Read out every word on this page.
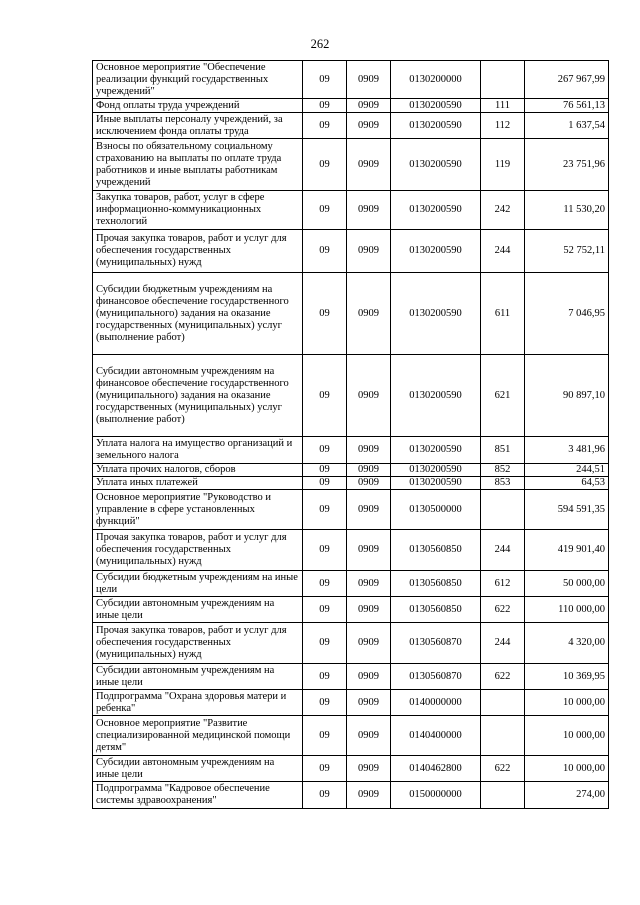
262
Основное мероприятие "Обеспечение реализации функций государственных учреждений"	09	0909	0130200000		267 967,99
Фонд оплаты труда учреждений	09	0909	0130200590	111	76 561,13
Иные выплаты персоналу учреждений, за исключением фонда оплаты труда	09	0909	0130200590	112	1 637,54
Взносы по обязательному социальному страхованию на выплаты по оплате труда работников и иные выплаты работникам учреждений	09	0909	0130200590	119	23 751,96
Закупка товаров, работ, услуг в сфере информационно-коммуникационных технологий	09	0909	0130200590	242	11 530,20
Прочая закупка товаров, работ и услуг для обеспечения государственных (муниципальных) нужд	09	0909	0130200590	244	52 752,11
Субсидии бюджетным учреждениям на финансовое обеспечение государственного (муниципального) задания на оказание государственных (муниципальных) услуг (выполнение работ)	09	0909	0130200590	611	7 046,95
Субсидии автономным учреждениям на финансовое обеспечение государственного (муниципального) задания на оказание государственных (муниципальных) услуг (выполнение работ)	09	0909	0130200590	621	90 897,10
Уплата налога на имущество организаций и земельного налога	09	0909	0130200590	851	3 481,96
Уплата прочих налогов, сборов	09	0909	0130200590	852	244,51
Уплата иных платежей	09	0909	0130200590	853	64,53
Основное мероприятие "Руководство и управление в сфере установленных функций"	09	0909	0130500000		594 591,35
Прочая закупка товаров, работ и услуг для обеспечения государственных (муниципальных) нужд	09	0909	0130560850	244	419 901,40
Субсидии бюджетным учреждениям на иные цели	09	0909	0130560850	612	50 000,00
Субсидии автономным учреждениям на иные цели	09	0909	0130560850	622	110 000,00
Прочая закупка товаров, работ и услуг для обеспечения государственных (муниципальных) нужд	09	0909	0130560870	244	4 320,00
Субсидии автономным учреждениям на иные цели	09	0909	0130560870	622	10 369,95
Подпрограмма "Охрана здоровья матери и ребенка"	09	0909	0140000000		10 000,00
Основное мероприятие "Развитие специализированной медицинской помощи детям"	09	0909	0140400000		10 000,00
Субсидии автономным учреждениям на иные цели	09	0909	0140462800	622	10 000,00
Подпрограмма "Кадровое обеспечение системы здравоохранения"	09	0909	0150000000		274,00
